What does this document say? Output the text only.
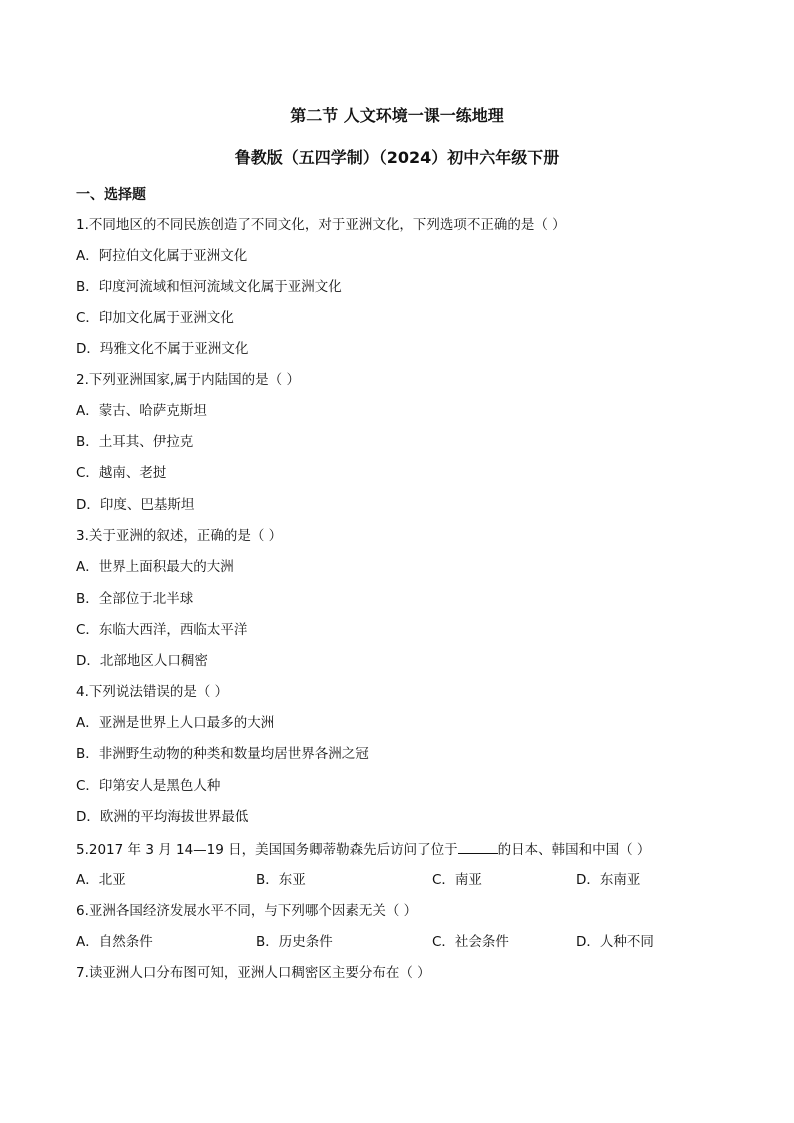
第二节 人文环境一课一练地理
鲁教版（五四学制）（2024）初中六年级下册
一、选择题
1.不同地区的不同民族创造了不同文化，对于亚洲文化，下列选项不正确的是（ ）
A．阿拉伯文化属于亚洲文化
B．印度河流域和恒河流域文化属于亚洲文化
C．印加文化属于亚洲文化
D．玛雅文化不属于亚洲文化
2.下列亚洲国家,属于内陆国的是（ ）
A．蒙古、哈萨克斯坦
B．土耳其、伊拉克
C．越南、老挝
D．印度、巴基斯坦
3.关于亚洲的叙述，正确的是（ ）
A．世界上面积最大的大洲
B．全部位于北半球
C．东临大西洋，西临太平洋
D．北部地区人口稠密
4.下列说法错误的是（ ）
A．亚洲是世界上人口最多的大洲
B．非洲野生动物的种类和数量均居世界各洲之冠
C．印第安人是黑色人种
D．欧洲的平均海拔世界最低
5.2017 年 3 月 14—19 日，美国国务卿蒂勒森先后访问了位于	的日本、韩国和中国（ ）
A．北亚	B．东亚	C．南亚	D．东南亚
6.亚洲各国经济发展水平不同，与下列哪个因素无关（ ）
A．自然条件	B．历史条件	C．社会条件	D．人种不同
7.读亚洲人口分布图可知，亚洲人口稠密区主要分布在（ ）
